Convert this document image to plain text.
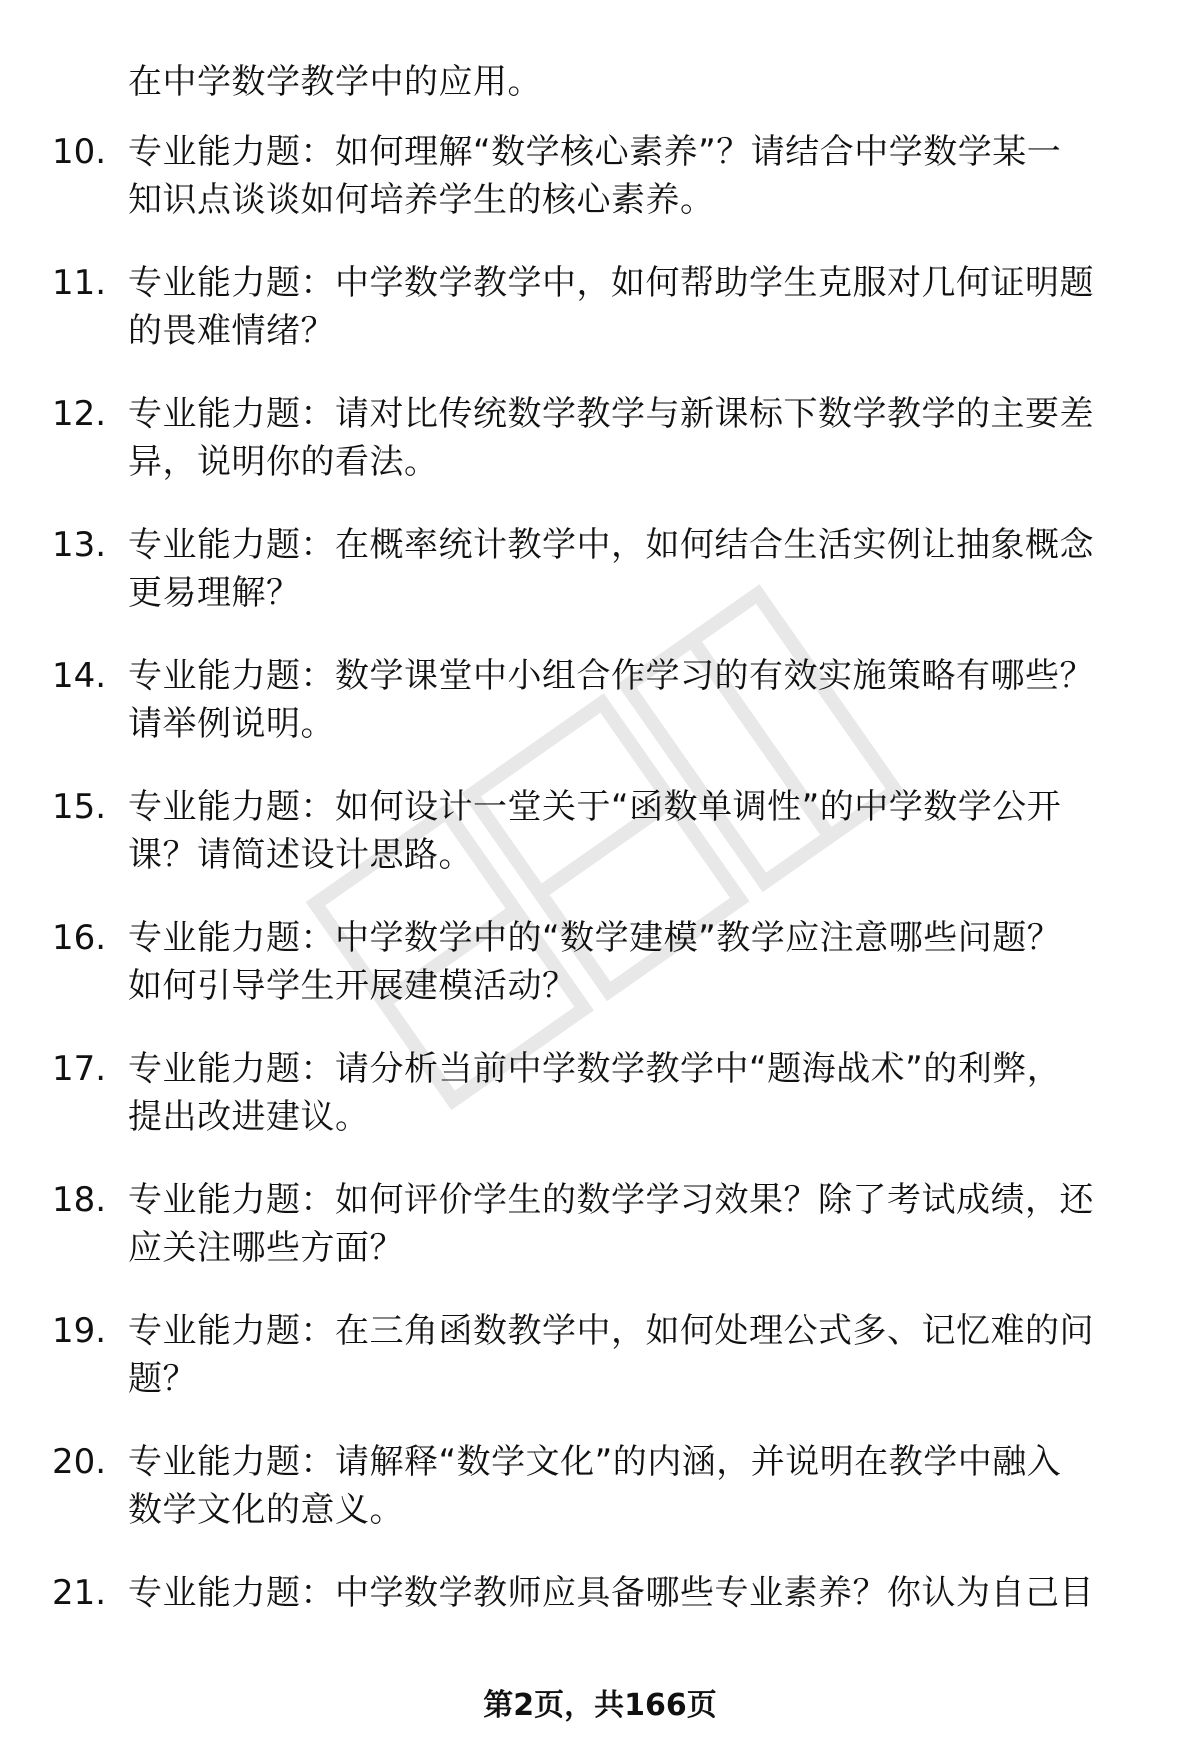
在中学数学教学中的应用。
10. 专业能力题：如何理解“数学核心素养”？请结合中学数学某一
知识点谈谈如何培养学生的核心素养。
11. 专业能力题：中学数学教学中，如何帮助学生克服对几何证明题
的畏难情绪？
12. 专业能力题：请对比传统数学教学与新课标下数学教学的主要差
异，说明你的看法。
13. 专业能力题：在概率统计教学中，如何结合生活实例让抽象概念
更易理解？
14. 专业能力题：数学课堂中小组合作学习的有效实施策略有哪些？
请举例说明。
15. 专业能力题：如何设计一堂关于“函数单调性”的中学数学公开
课？请简述设计思路。
16. 专业能力题：中学数学中的“数学建模”教学应注意哪些问题？
如何引导学生开展建模活动？
17. 专业能力题：请分析当前中学数学教学中“题海战术”的利弊，
提出改进建议。
18. 专业能力题：如何评价学生的数学学习效果？除了考试成绩，还
应关注哪些方面？
19. 专业能力题：在三角函数教学中，如何处理公式多、记忆难的问
题？
20. 专业能力题：请解释“数学文化”的内涵，并说明在教学中融入
数学文化的意义。
21. 专业能力题：中学数学教师应具备哪些专业素养？你认为自己目
第2页，共166页
